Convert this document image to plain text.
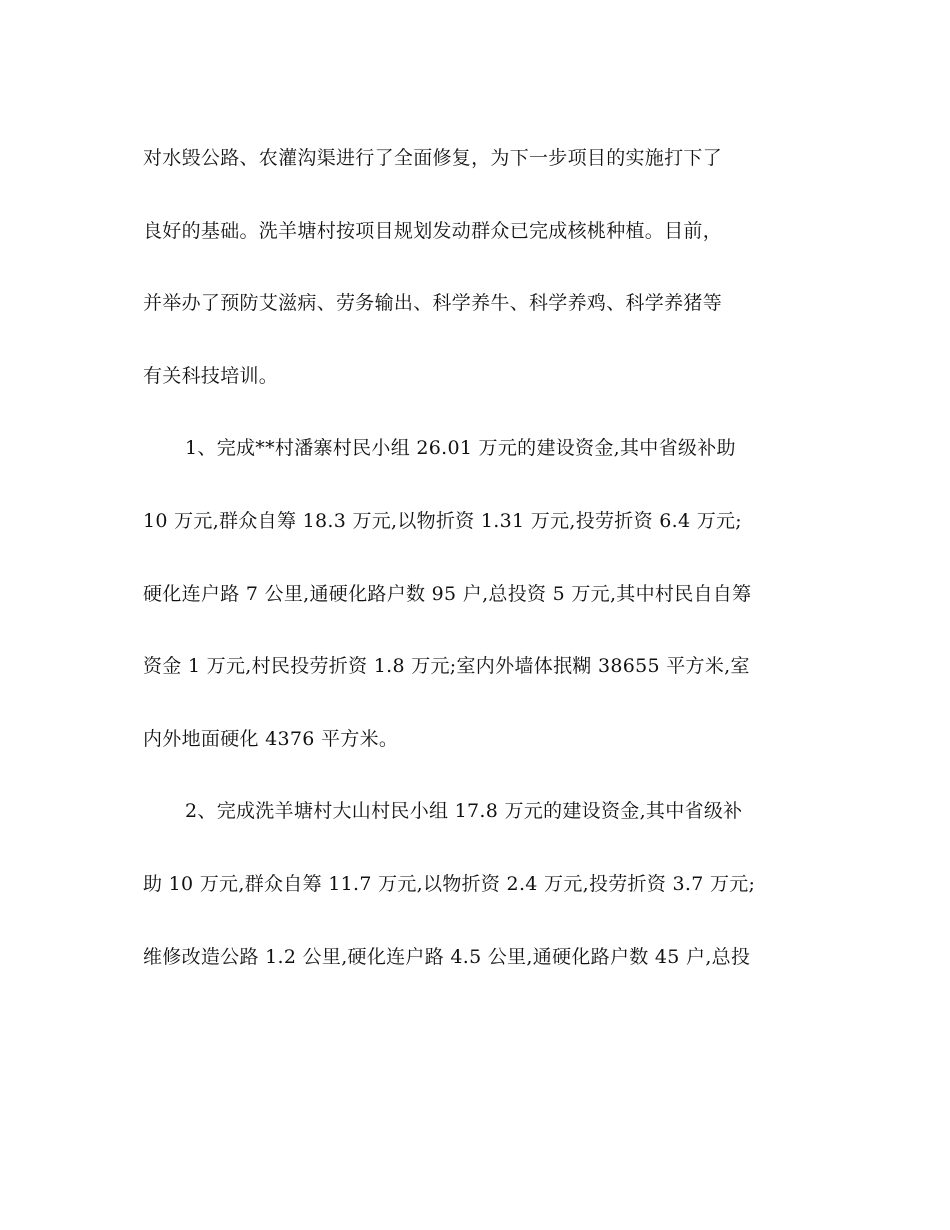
对水毁公路、农灌沟渠进行了全面修复，为下一步项目的实施打下了
良好的基础。洗羊塘村按项目规划发动群众已完成核桃种植。目前，
并举办了预防艾滋病、劳务输出、科学养牛、科学养鸡、科学养猪等
有关科技培训。
1、完成**村潘寨村民小组 26.01 万元的建设资金,其中省级补助
10 万元,群众自筹 18.3 万元,以物折资 1.31 万元,投劳折资 6.4 万元;
硬化连户路 7 公里,通硬化路户数 95 户,总投资 5 万元,其中村民自自筹
资金 1 万元,村民投劳折资 1.8 万元;室内外墙体抿糊 38655 平方米,室
内外地面硬化 4376 平方米。
2、完成洗羊塘村大山村民小组 17.8 万元的建设资金,其中省级补
助 10 万元,群众自筹 11.7 万元,以物折资 2.4 万元,投劳折资 3.7 万元;
维修改造公路 1.2 公里,硬化连户路 4.5 公里,通硬化路户数 45 户,总投
